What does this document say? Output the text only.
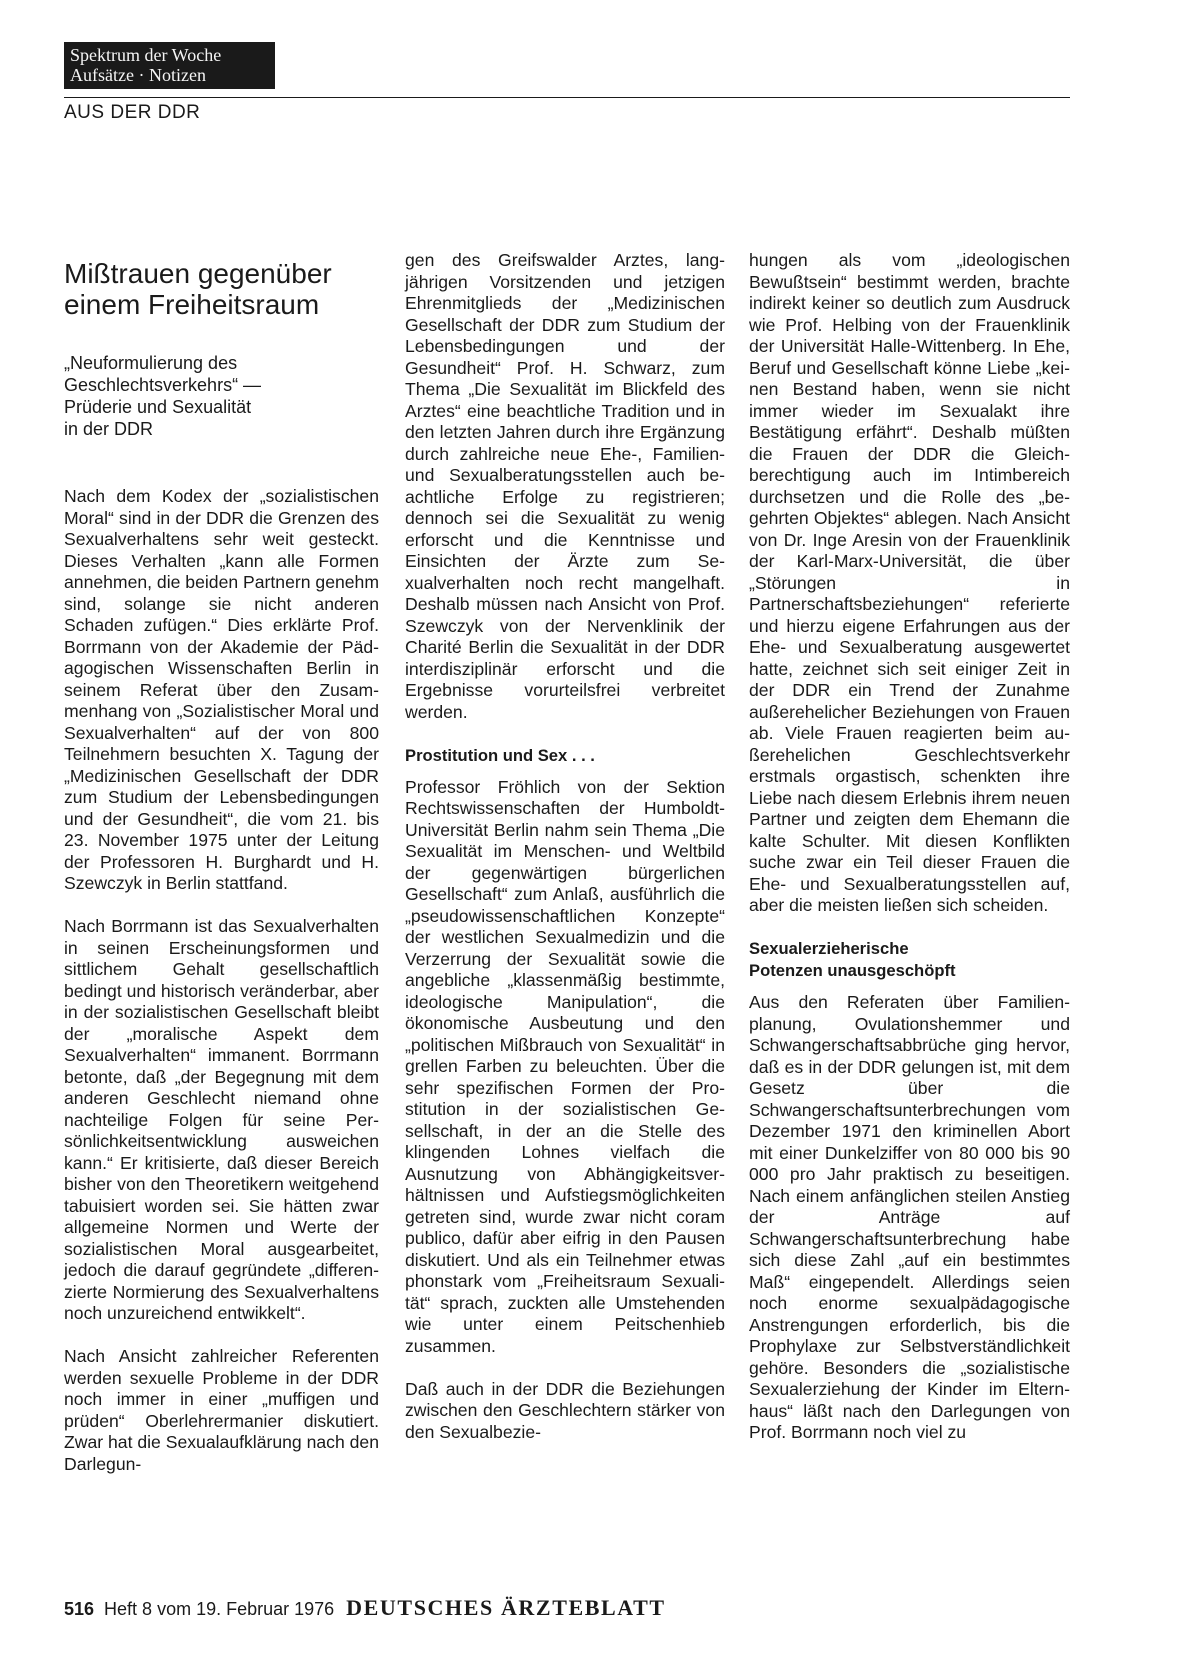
Spektrum der Woche
Aufsätze · Notizen
AUS DER DDR
Mißtrauen gegenüber
einem Freiheitsraum
„Neuformulierung des
Geschlechtsverkehrs“ —
Prüderie und Sexualität
in der DDR

Nach dem Kodex der „sozialistischen Moral“ sind in der DDR die Grenzen des Sexualverhaltens sehr weit gesteckt. Dieses Verhalten „kann alle Formen annehmen, die beiden Partnern genehm sind, solange sie nicht anderen Schaden zufügen.“ Dies erklärte Prof. Borrmann von der Akademie der Pädagogischen Wissenschaften Berlin in seinem Referat über den Zusammenhang von „Sozialistischer Moral und Sexualverhalten“ auf der von 800 Teilnehmern besuchten X. Tagung der „Medizinischen Gesellschaft der DDR zum Studium der Lebensbedingungen und der Gesundheit“, die vom 21. bis 23. November 1975 unter der Leitung der Professoren H. Burghardt und H. Szewczyk in Berlin stattfand.

Nach Borrmann ist das Sexualverhalten in seinen Erscheinungsformen und sittlichem Gehalt gesellschaftlich bedingt und historisch veränderbar, aber in der sozialistischen Gesellschaft bleibt der „moralische Aspekt dem Sexualverhalten“ immanent. Borrmann betonte, daß „der Begegnung mit dem anderen Geschlecht niemand ohne nachteilige Folgen für seine Persönlichkeitsentwicklung ausweichen kann.“ Er kritisierte, daß dieser Bereich bisher von den Theoretikern weitgehend tabuisiert worden sei. Sie hätten zwar allgemeine Normen und Werte der sozialistischen Moral ausgearbeitet, jedoch die darauf gegründete „differenzierte Normierung des Sexualverhaltens noch unzureichend entwikkelt“.

Nach Ansicht zahlreicher Referenten werden sexuelle Probleme in der DDR noch immer in einer „muffigen und prüden“ Oberlehrermanier diskutiert. Zwar hat die Sexualaufklärung nach den Darlegun-

gen des Greifswalder Arztes, langjährigen Vorsitzenden und jetzigen Ehrenmitglieds der „Medizinischen Gesellschaft der DDR zum Studium der Lebensbedingungen und der Gesundheit“ Prof. H. Schwarz, zum Thema „Die Sexualität im Blickfeld des Arztes“ eine beachtliche Tradition und in den letzten Jahren durch ihre Ergänzung durch zahlreiche neue Ehe-, Familien- und Sexualberatungsstellen auch beachtliche Erfolge zu registrieren; dennoch sei die Sexualität zu wenig erforscht und die Kenntnisse und Einsichten der Ärzte zum Sexualverhalten noch recht mangelhaft. Deshalb müssen nach Ansicht von Prof. Szewczyk von der Nervenklinik der Charité Berlin die Sexualität in der DDR interdisziplinär erforscht und die Ergebnisse vorurteilsfrei verbreitet werden.

Prostitution und Sex . . .

Professor Fröhlich von der Sektion Rechtswissenschaften der Humboldt-Universität Berlin nahm sein Thema „Die Sexualität im Menschen- und Weltbild der gegenwärtigen bürgerlichen Gesellschaft“ zum Anlaß, ausführlich die „pseudowissenschaftlichen Konzepte“ der westlichen Sexualmedizin und die Verzerrung der Sexualität sowie die angebliche „klassenmäßig bestimmte, ideologische Manipulation“, die ökonomische Ausbeutung und den „politischen Mißbrauch von Sexualität“ in grellen Farben zu beleuchten. Über die sehr spezifischen Formen der Prostitution in der sozialistischen Gesellschaft, in der an die Stelle des klingenden Lohnes vielfach die Ausnutzung von Abhängigkeitsverhältnissen und Aufstiegsmöglichkeiten getreten sind, wurde zwar nicht coram publico, dafür aber eifrig in den Pausen diskutiert. Und als ein Teilnehmer etwas phonstark vom „Freiheitsraum Sexualität“ sprach, zuckten alle Umstehenden wie unter einem Peitschenhieb zusammen.

Daß auch in der DDR die Beziehungen zwischen den Geschlechtern stärker von den Sexualbezie-

hungen als vom „ideologischen Bewußtsein“ bestimmt werden, brachte indirekt keiner so deutlich zum Ausdruck wie Prof. Helbing von der Frauenklinik der Universität Halle-Wittenberg. In Ehe, Beruf und Gesellschaft könne Liebe „keinen Bestand haben, wenn sie nicht immer wieder im Sexualakt ihre Bestätigung erfährt“. Deshalb müßten die Frauen der DDR die Gleichberechtigung auch im Intimbereich durchsetzen und die Rolle des „begehrten Objektes“ ablegen. Nach Ansicht von Dr. Inge Aresin von der Frauenklinik der Karl-Marx-Universität, die über „Störungen in Partnerschaftsbeziehungen“ referierte und hierzu eigene Erfahrungen aus der Ehe- und Sexualberatung ausgewertet hatte, zeichnet sich seit einiger Zeit in der DDR ein Trend der Zunahme außerehelicher Beziehungen von Frauen ab. Viele Frauen reagierten beim außerehelichen Geschlechtsverkehr erstmals orgastisch, schenkten ihre Liebe nach diesem Erlebnis ihrem neuen Partner und zeigten dem Ehemann die kalte Schulter. Mit diesen Konflikten suche zwar ein Teil dieser Frauen die Ehe- und Sexualberatungsstellen auf, aber die meisten ließen sich scheiden.

Sexualerzieherische
Potenzen unausgeschöpft

Aus den Referaten über Familienplanung, Ovulationshemmer und Schwangerschaftsabbrüche ging hervor, daß es in der DDR gelungen ist, mit dem Gesetz über die Schwangerschaftsunterbrechungen vom Dezember 1971 den kriminellen Abort mit einer Dunkelziffer von 80 000 bis 90 000 pro Jahr praktisch zu beseitigen. Nach einem anfänglichen steilen Anstieg der Anträge auf Schwangerschaftsunterbrechung habe sich diese Zahl „auf ein bestimmtes Maß“ eingependelt. Allerdings seien noch enorme sexualpädagogische Anstrengungen erforderlich, bis die Prophylaxe zur Selbstverständlichkeit gehöre. Besonders die „sozialistische Sexualerziehung der Kinder im Elternhaus“ läßt nach den Darlegungen von Prof. Borrmann noch viel zu

516 Heft 8 vom 19. Februar 1976 DEUTSCHES ÄRZTEBLATT
